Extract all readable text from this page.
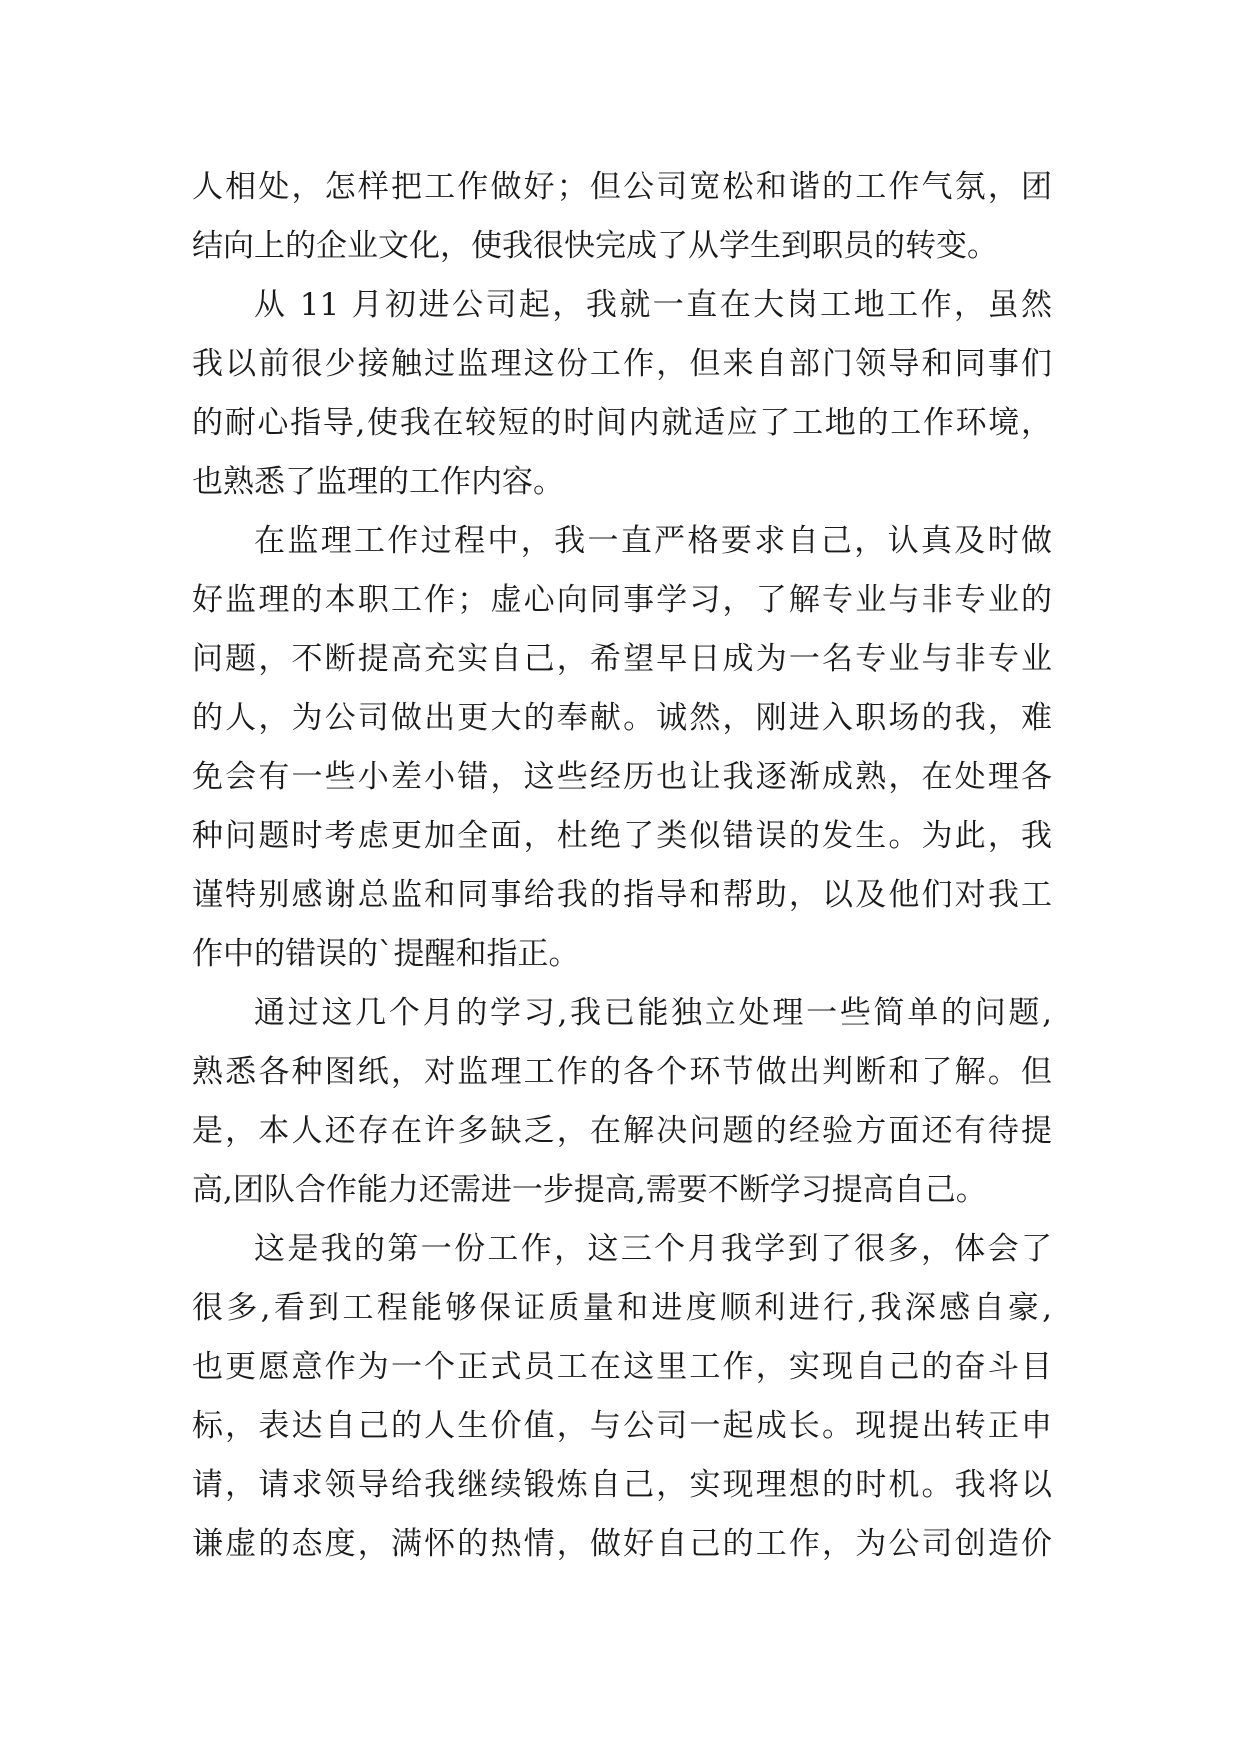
人相处，怎样把工作做好；但公司宽松和谐的工作气氛，团
结向上的企业文化，使我很快完成了从学生到职员的转变。
从 11 月初进公司起，我就一直在大岗工地工作，虽然
我以前很少接触过监理这份工作，但来自部门领导和同事们
的耐心指导,使我在较短的时间内就适应了工地的工作环境，
也熟悉了监理的工作内容。
在监理工作过程中，我一直严格要求自己，认真及时做
好监理的本职工作；虚心向同事学习，了解专业与非专业的
问题，不断提高充实自己，希望早日成为一名专业与非专业
的人，为公司做出更大的奉献。诚然，刚进入职场的我，难
免会有一些小差小错，这些经历也让我逐渐成熟，在处理各
种问题时考虑更加全面，杜绝了类似错误的发生。为此，我
谨特别感谢总监和同事给我的指导和帮助，以及他们对我工
作中的错误的`提醒和指正。
通过这几个月的学习,我已能独立处理一些简单的问题,
熟悉各种图纸，对监理工作的各个环节做出判断和了解。但
是，本人还存在许多缺乏，在解决问题的经验方面还有待提
高,团队合作能力还需进一步提高,需要不断学习提高自己。
这是我的第一份工作，这三个月我学到了很多，体会了
很多,看到工程能够保证质量和进度顺利进行,我深感自豪,
也更愿意作为一个正式员工在这里工作，实现自己的奋斗目
标，表达自己的人生价值，与公司一起成长。现提出转正申
请，请求领导给我继续锻炼自己，实现理想的时机。我将以
谦虚的态度，满怀的热情，做好自己的工作，为公司创造价
